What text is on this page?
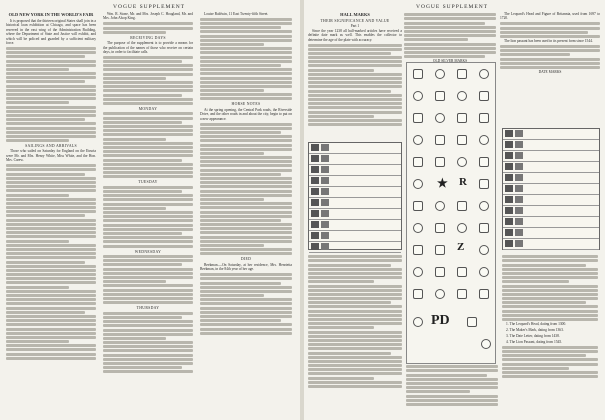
VOGUE SUPPLEMENT
OLD NEW YORK IN THE WORLD'S FAIR

It is proposed that the thirteen original States shall join in a historical loan exhibition at Chicago, and space has been reserved in the east wing of the Administration Building, where the Department of State and Justice will exhibit, and which will be policed and guarded by a sufficient military force.

SAILINGS AND ARRIVALS

Those who sailed on Saturday for England on the Etruria were Mr. and Mrs. Henry White, Miss White, and the Hon. Mrs. Carew.

Wm. R. Stone, Mr. and Mrs. Joseph C. Hoagland, Mr. and Mrs. John Alsop King.

RECEIVING DAYS

The purpose of the supplement is to provide a means for the publication of the names of those who receive on certain days, in order to facilitate calls.

MONDAY
TUESDAY
WEDNESDAY
THURSDAY

Louise Baldwin, 11 East Twenty-fifth Street.

HORSE NOTES

At the spring opening, the Central Park roads, the Riverside Drive, and the other roads in and about the city, begin to put on a new appearance.

DIED

Beekman.—On Saturday, at her residence, Mrs. Henrietta Beekman, in the 84th year of her age.

VOGUE SUPPLEMENT
HALL MARKS
THEIR SIGNIFICANCE AND VALUE
Part 1

Since the year 1238 all hall-marked articles have received a definite date mark as well. This enables the collector to determine the age of the plate with accuracy.

The Leopard's Head and Figure of Britannia, used from 1697 to 1720.

The lion passant has been used in its present form since 1544.

DATE MARKS
★ R
Z
PD	1. The Leopard's Head, dating from 1300.

2. The Maker's Mark, dating from 1363.

3. The Date Letter, dating from 1438.

4. The Lion Passant, dating from 1545.
